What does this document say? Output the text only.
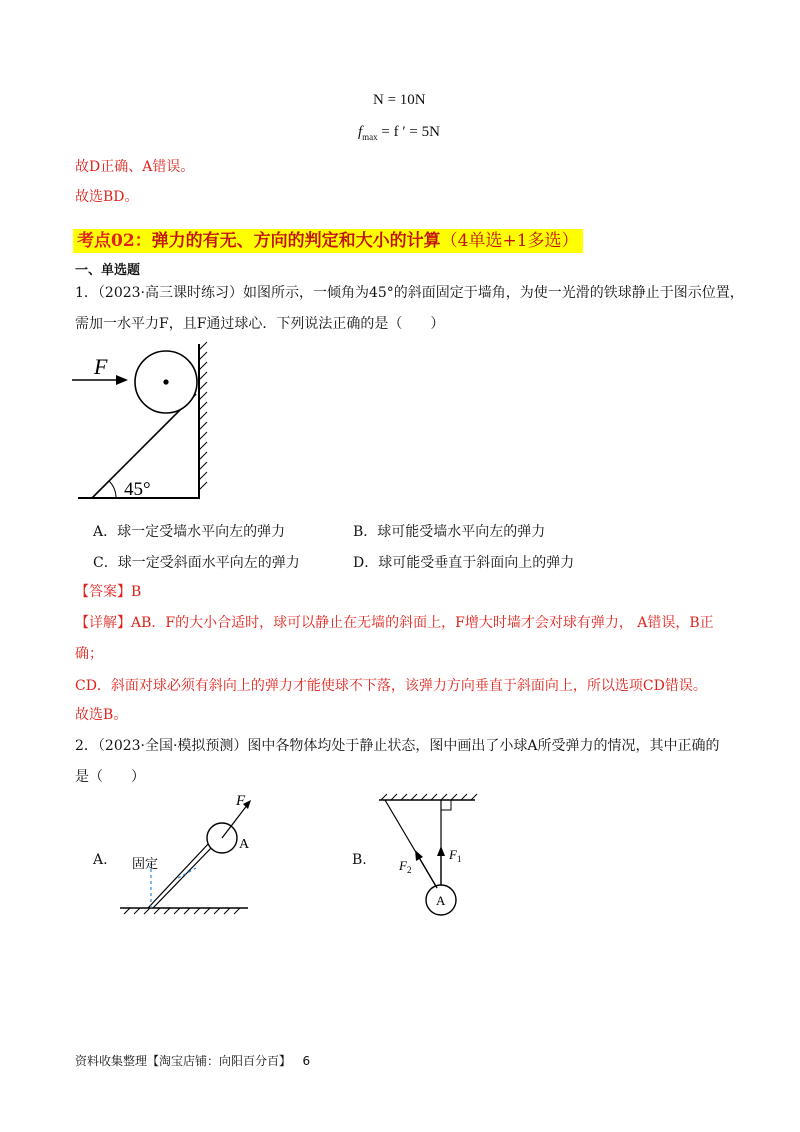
N = 10N
$f_{max} = f$ ′ = 5N
故D正确、A错误。
故选BD。
考点02：弹力的有无、方向的判定和大小的计算（4单选+1多选）
一、单选题
1．（2023·高三课时练习）如图所示，一倾角为45°的斜面固定于墙角，为使一光滑的铁球静止于图示位置，
需加一水平力F，且F通过球心．下列说法正确的是（　　）
45°
F
A．球一定受墙水平向左的弹力	B．球可能受墙水平向左的弹力
C．球一定受斜面水平向左的弹力	D．球可能受垂直于斜面向上的弹力
【答案】B
【详解】AB．F的大小合适时，球可以静止在无墙的斜面上，F增大时墙才会对球有弹力， A错误，B正
确；
CD．斜面对球必须有斜向上的弹力才能使球不下落，该弹力方向垂直于斜面向上，所以选项CD错误。
故选B。
2．（2023·全国·模拟预测）图中各物体均处于静止状态，图中画出了小球A所受弹力的情况，其中正确的
是（　　）
A.
A
F
固定	B.
A
$F_1$
$F_2$
资料收集整理【淘宝店铺：向阳百分百】 6
